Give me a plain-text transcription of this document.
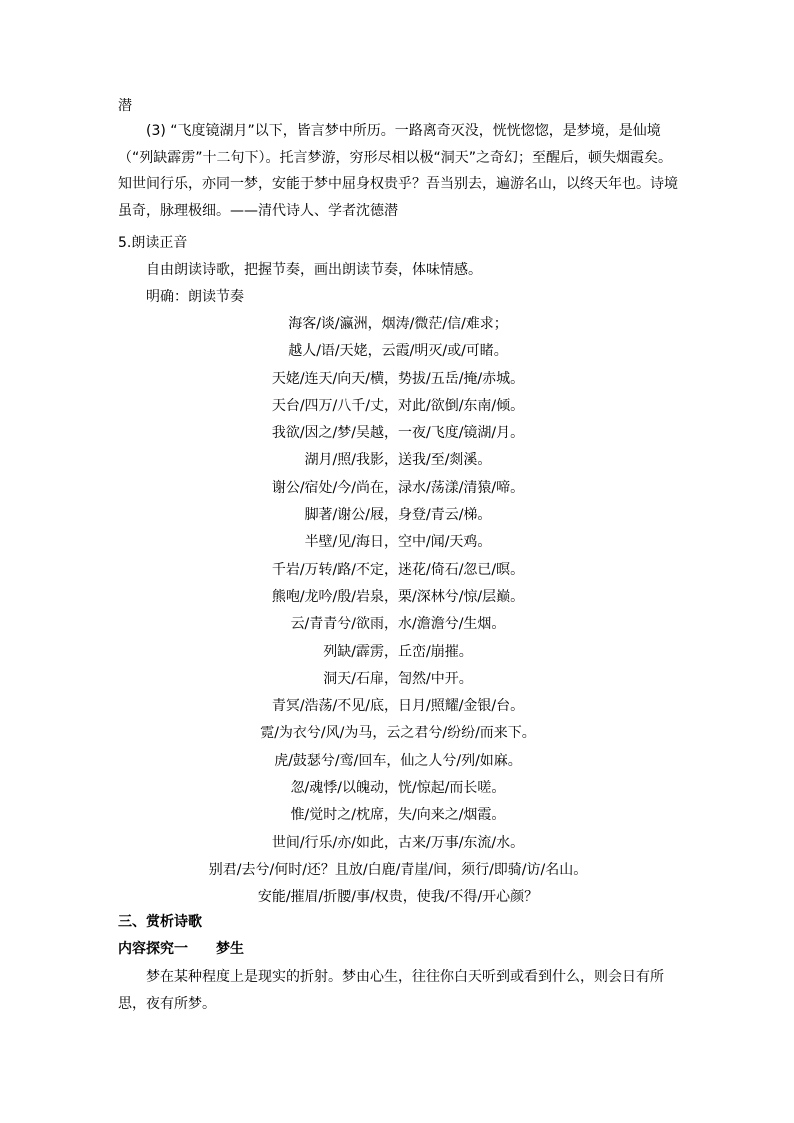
潜
(3) “飞度镜湖月”以下，皆言梦中所历。一路离奇灭没，恍恍惚惚，是梦境，是仙境（“列缺霹雳”十二句下）。托言梦游，穷形尽相以极“洞天”之奇幻；至醒后，顿失烟霞矣。知世间行乐，亦同一梦，安能于梦中屈身权贵乎？吾当别去，遍游名山，以终天年也。诗境虽奇，脉理极细。——清代诗人、学者沈德潜
5.朗读正音
自由朗读诗歌，把握节奏，画出朗读节奏，体味情感。
明确：朗读节奏
海客/谈/瀛洲，烟涛/微茫/信/难求；
越人/语/天姥，云霞/明灭/或/可睹。
天姥/连天/向天/横，势拔/五岳/掩/赤城。
天台/四万/八千/丈，对此/欲倒/东南/倾。
我欲/因之/梦/吴越，一夜/飞度/镜湖/月。
湖月/照/我影，送我/至/剡溪。
谢公/宿处/今/尚在，渌水/荡漾/清猿/啼。
脚著/谢公/屐，身登/青云/梯。
半壁/见/海日，空中/闻/天鸡。
千岩/万转/路/不定，迷花/倚石/忽已/暝。
熊咆/龙吟/殷/岩泉，栗/深林兮/惊/层巅。
云/青青兮/欲雨，水/澹澹兮/生烟。
列缺/霹雳，丘峦/崩摧。
洞天/石扉，訇然/中开。
青冥/浩荡/不见/底，日月/照耀/金银/台。
霓/为衣兮/风/为马，云之君兮/纷纷/而来下。
虎/鼓瑟兮/鸾/回车，仙之人兮/列/如麻。
忽/魂悸/以魄动，恍/惊起/而长嗟。
惟/觉时之/枕席，失/向来之/烟霞。
世间/行乐/亦/如此，古来/万事/东流/水。
别君/去兮/何时/还？且放/白鹿/青崖/间，须行/即骑/访/名山。
安能/摧眉/折腰/事/权贵，使我/不得/开心颜？
三、赏析诗歌
内容探究一 梦生
梦在某种程度上是现实的折射。梦由心生，往往你白天听到或看到什么，则会日有所思，夜有所梦。
